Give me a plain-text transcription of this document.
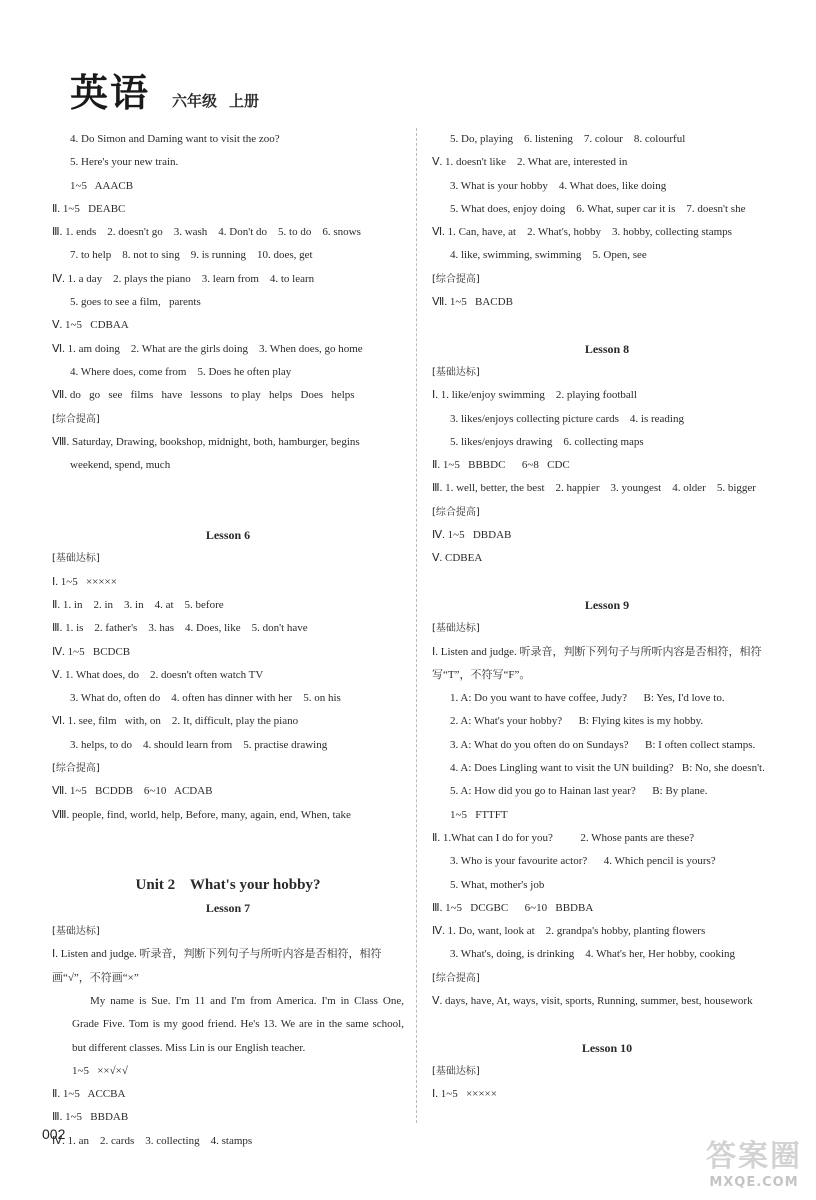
英语 六年级 上册
4. Do Simon and Daming want to visit the zoo?
5. Here's your new train.
1~5   AAACB
Ⅱ. 1~5   DEABC
Ⅲ. 1. ends    2. doesn't go    3. wash    4. Don't do    5. to do    6. snows
7. to help    8. not to sing    9. is running    10. does, get
Ⅳ. 1. a day    2. plays the piano    3. learn from    4. to learn
5. goes to see a film,   parents
Ⅴ. 1~5   CDBAA
Ⅵ. 1. am doing    2. What are the girls doing    3. When does, go home
4. Where does, come from    5. Does he often play
Ⅶ. do   go   see   films   have   lessons   to play   helps   Does   helps
[综合提高]
Ⅷ. Saturday, Drawing, bookshop, midnight, both, hamburger, begins
weekend, spend, much
Lesson 6
[基础达标]
Ⅰ. 1~5   ×××××
Ⅱ. 1. in    2. in    3. in    4. at    5. before
Ⅲ. 1. is    2. father's    3. has    4. Does, like    5. don't have
Ⅳ. 1~5   BCDCB
Ⅴ. 1. What does, do    2. doesn't often watch TV
3. What do, often do    4. often has dinner with her    5. on his
Ⅵ. 1. see, film   with, on    2. It, difficult, play the piano
3. helps, to do    4. should learn from    5. practise drawing
[综合提高]
Ⅶ. 1~5   BCDDB    6~10   ACDAB
Ⅷ. people, find, world, help, Before, many, again, end, When, take
Unit 2    What's your hobby?
Lesson 7
[基础达标]
Ⅰ. Listen and judge. 听录音，判断下列句子与所听内容是否相符，相符画“√”，不符画“×”
My name is Sue. I'm 11 and I'm from America. I'm in Class One, Grade Five. Tom is my good friend. He's 13. We are in the same school, but different classes. Miss Lin is our English teacher.
1~5   ××√×√
Ⅱ. 1~5   ACCBA
Ⅲ. 1~5   BBDAB
Ⅳ. 1. an    2. cards    3. collecting    4. stamps
5. Do, playing    6. listening    7. colour    8. colourful
Ⅴ. 1. doesn't like    2. What are, interested in
3. What is your hobby    4. What does, like doing
5. What does, enjoy doing    6. What, super car it is    7. doesn't she
Ⅵ. 1. Can, have, at    2. What's, hobby    3. hobby, collecting stamps
4. like, swimming, swimming    5. Open, see
[综合提高]
Ⅶ. 1~5   BACDB
Lesson 8
[基础达标]
Ⅰ. 1. like/enjoy swimming    2. playing football
3. likes/enjoys collecting picture cards    4. is reading
5. likes/enjoys drawing    6. collecting maps
Ⅱ. 1~5   BBBDC      6~8   CDC
Ⅲ. 1. well, better, the best    2. happier    3. youngest    4. older    5. bigger
[综合提高]
Ⅳ. 1~5   DBDAB
Ⅴ. CDBEA
Lesson 9
[基础达标]
Ⅰ. Listen and judge. 听录音，判断下列句子与所听内容是否相符，相符写“T”，不符写“F”。
1. A: Do you want to have coffee, Judy?      B: Yes, I'd love to.
2. A: What's your hobby?      B: Flying kites is my hobby.
3. A: What do you often do on Sundays?      B: I often collect stamps.
4. A: Does Lingling want to visit the UN building?   B: No, she doesn't.
5. A: How did you go to Hainan last year?      B: By plane.
1~5   FTTFT
Ⅱ. 1.What can I do for you?          2. Whose pants are these?
3. Who is your favourite actor?      4. Which pencil is yours?
5. What, mother's job
Ⅲ. 1~5   DCGBC      6~10   BBDBA
Ⅳ. 1. Do, want, look at    2. grandpa's hobby, planting flowers
3. What's, doing, is drinking    4. What's her, Her hobby, cooking
[综合提高]
Ⅴ. days, have, At, ways, visit, sports, Running, summer, best, housework
Lesson 10
[基础达标]
Ⅰ. 1~5   ×××××
002
答案圈
MXQE.COM
